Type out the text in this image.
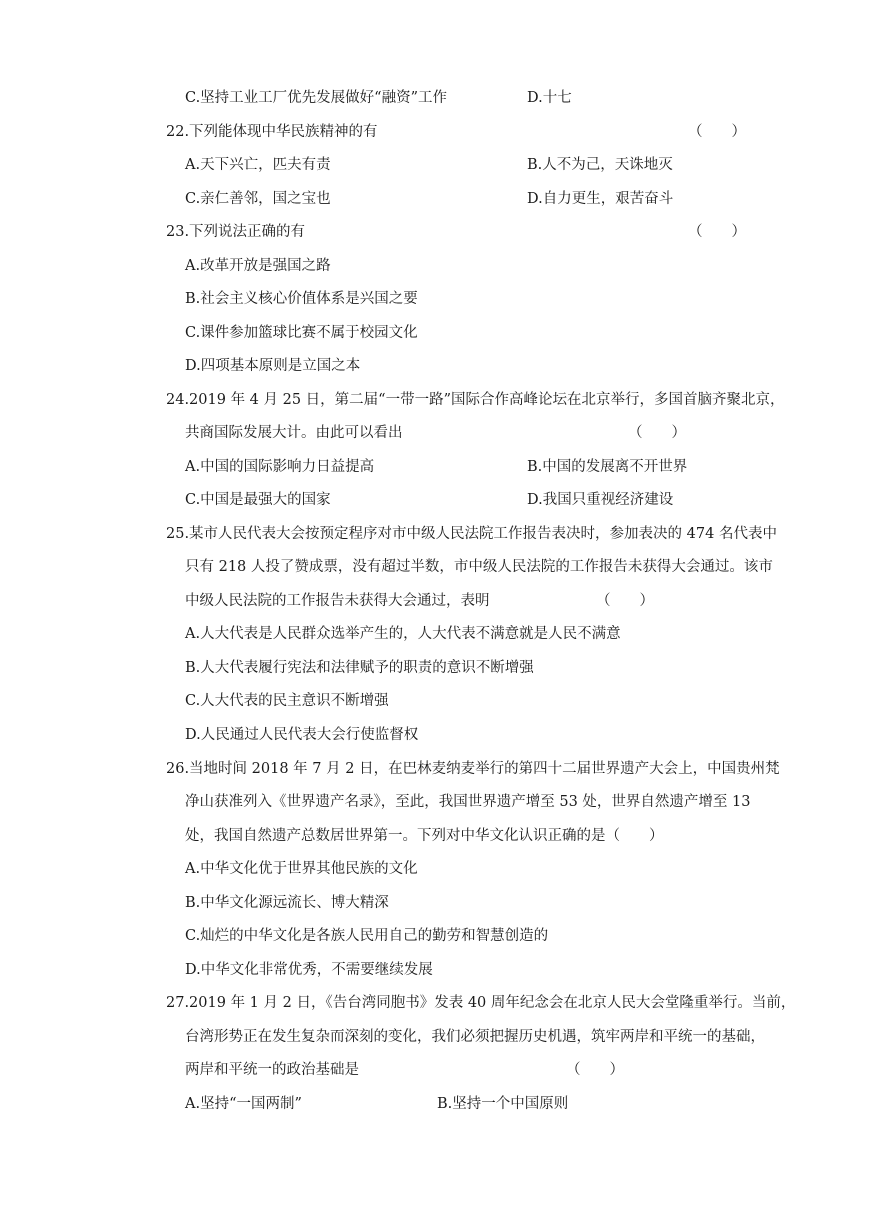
C.坚持工业工厂优先发展做好“融资”工作	D.十七
22.下列能体现中华民族精神的有	（　　）
A.天下兴亡，匹夫有责	B.人不为己，天诛地灭
C.亲仁善邻，国之宝也	D.自力更生，艰苦奋斗
23.下列说法正确的有	（　　）
A.改革开放是强国之路
B.社会主义核心价值体系是兴国之要
C.课件参加篮球比赛不属于校园文化
D.四项基本原则是立国之本
24.2019 年 4 月 25 日，第二届“一带一路”国际合作高峰论坛在北京举行，多国首脑齐聚北京，
共商国际发展大计。由此可以看出	（　　）
A.中国的国际影响力日益提高	B.中国的发展离不开世界
C.中国是最强大的国家	D.我国只重视经济建设
25.某市人民代表大会按预定程序对市中级人民法院工作报告表决时，参加表决的 474 名代表中
只有 218 人投了赞成票，没有超过半数，市中级人民法院的工作报告未获得大会通过。该市
中级人民法院的工作报告未获得大会通过，表明	（　　）
A.人大代表是人民群众选举产生的，人大代表不满意就是人民不满意
B.人大代表履行宪法和法律赋予的职责的意识不断增强
C.人大代表的民主意识不断增强
D.人民通过人民代表大会行使监督权
26.当地时间 2018 年 7 月 2 日，在巴林麦纳麦举行的第四十二届世界遗产大会上，中国贵州梵
净山获准列入《世界遗产名录》，至此，我国世界遗产增至 53 处，世界自然遗产增至 13
处，我国自然遗产总数居世界第一。下列对中华文化认识正确的是（　　）
A.中华文化优于世界其他民族的文化
B.中华文化源远流长、博大精深
C.灿烂的中华文化是各族人民用自己的勤劳和智慧创造的
D.中华文化非常优秀，不需要继续发展
27.2019 年 1 月 2 日，《告台湾同胞书》发表 40 周年纪念会在北京人民大会堂隆重举行。当前，
台湾形势正在发生复杂而深刻的变化，我们必须把握历史机遇，筑牢两岸和平统一的基础，
两岸和平统一的政治基础是	（　　）
A.坚持“一国两制”	B.坚持一个中国原则
